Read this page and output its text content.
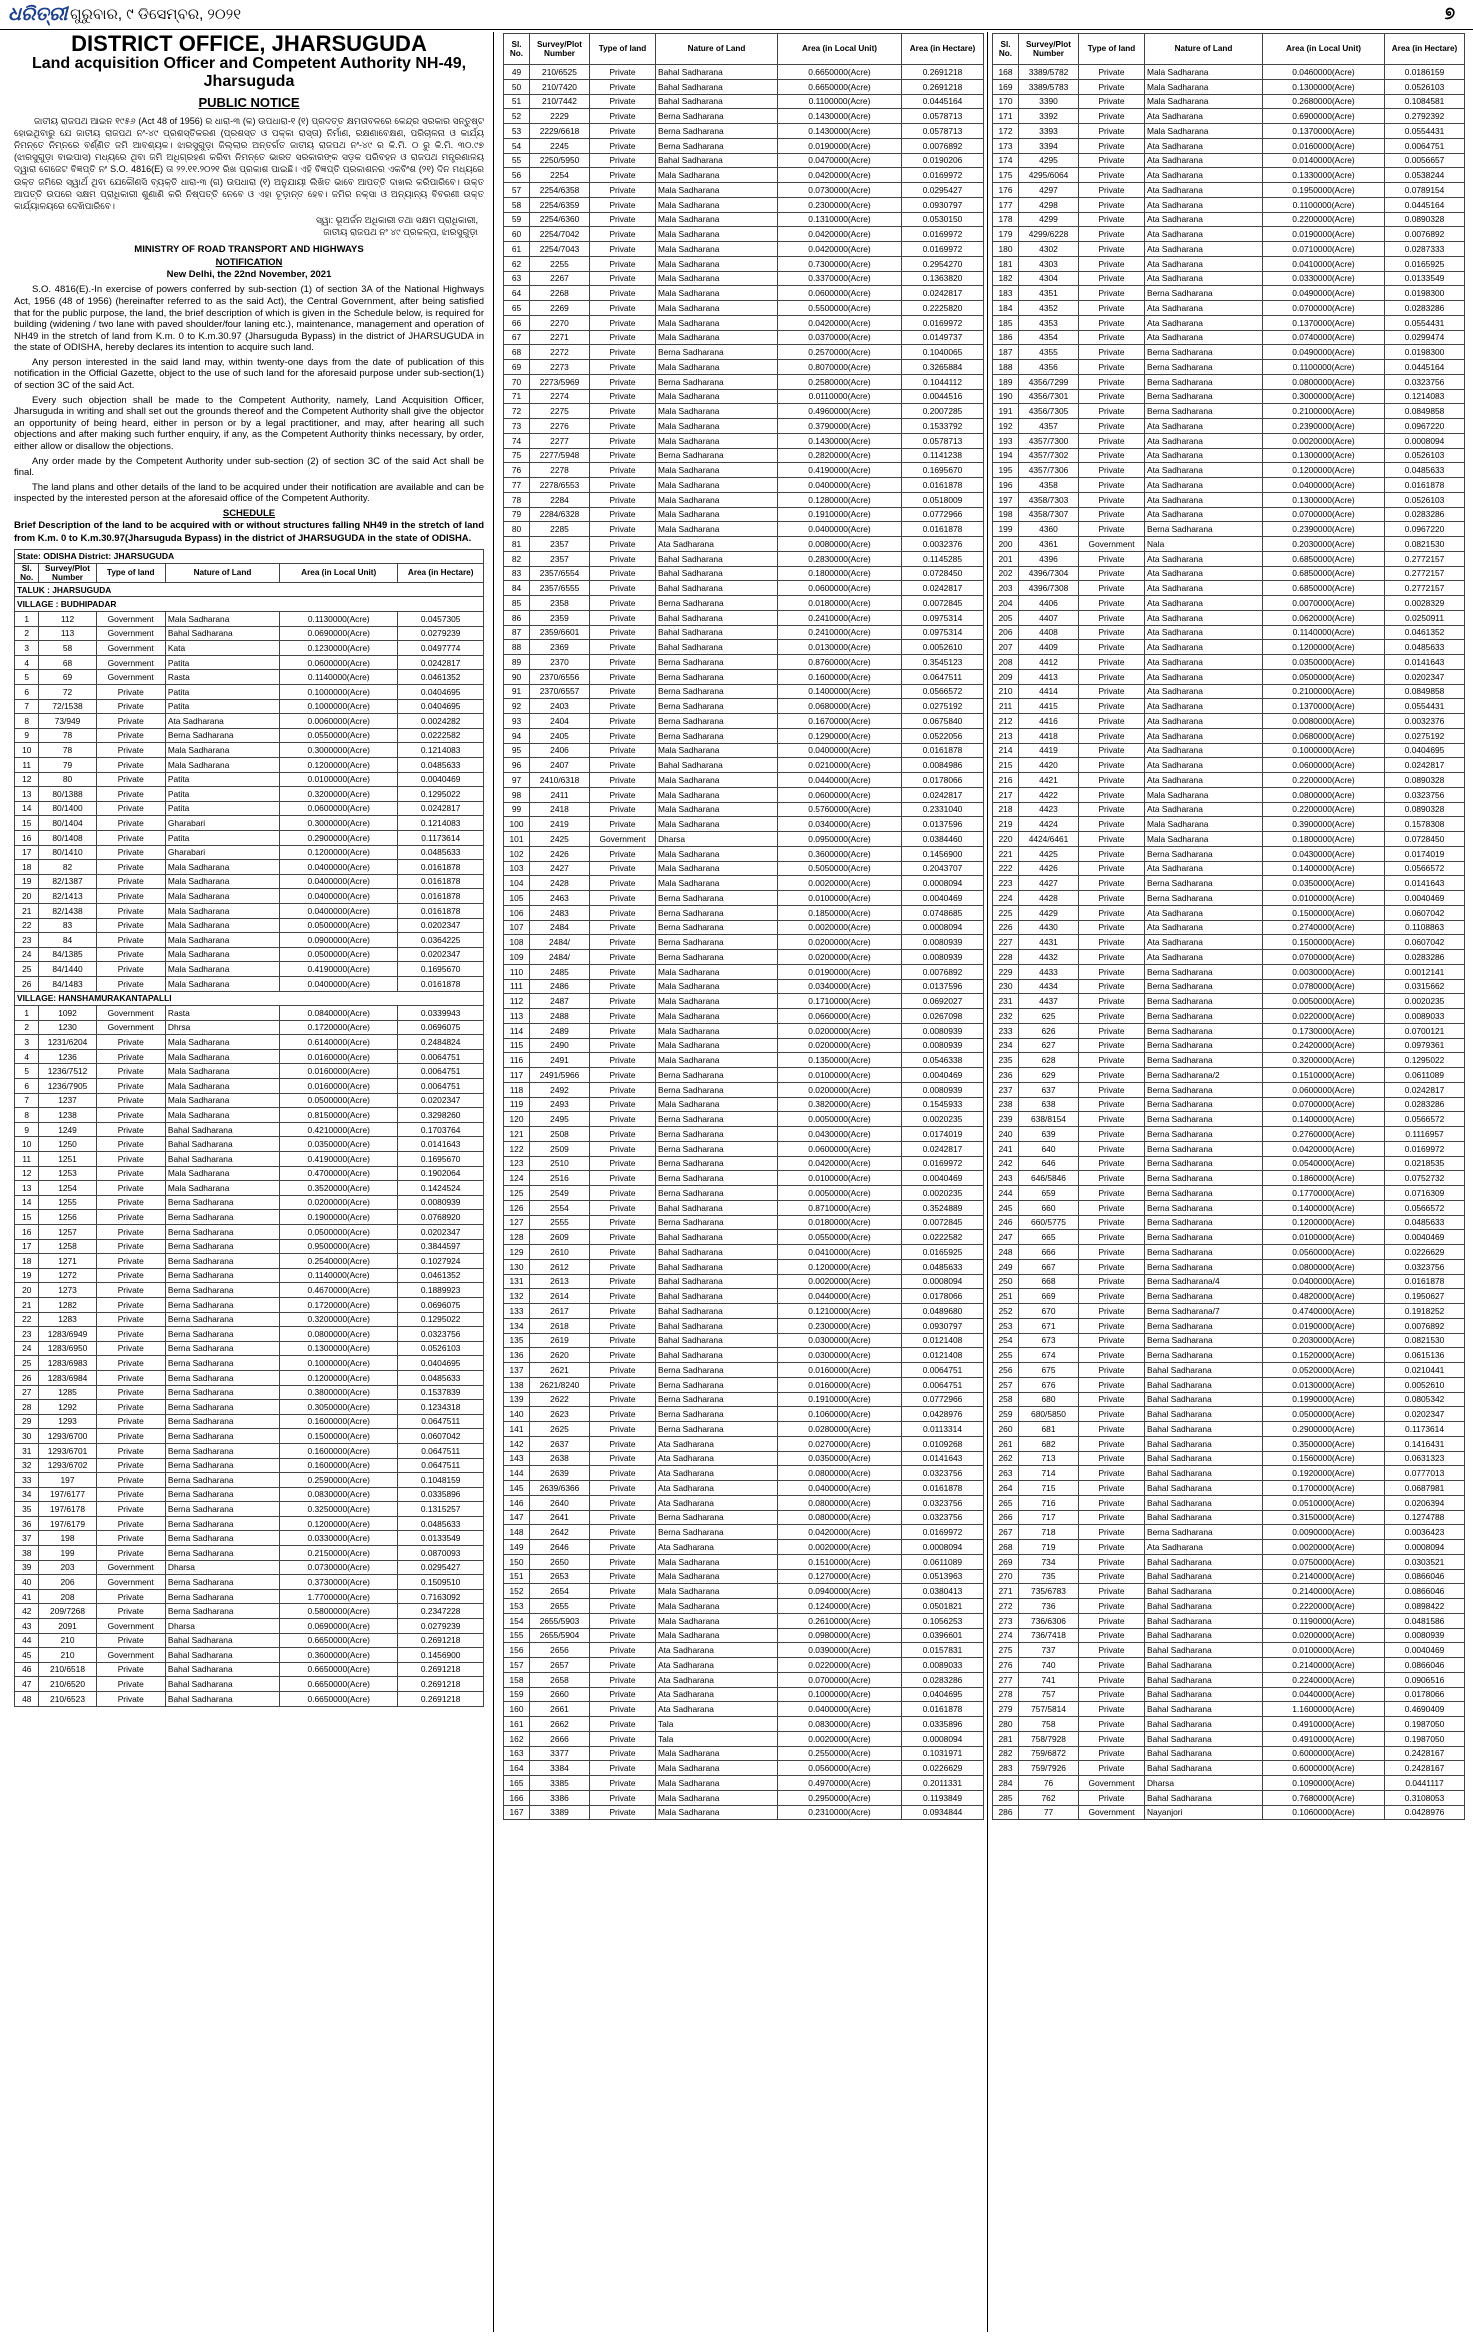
ଧରିତ୍ରୀ ଗୁରୁବାର, ୯ ଡିସେମ୍ବର, ୨୦୨୧	୭
DISTRICT OFFICE, JHARSUGUDA
Land acquisition Officer and Competent Authority NH-49, Jharsuguda
PUBLIC NOTICE
ଜାତୀୟ ରାଜପଥ ଆଇନ ୧୯୫୬ (Act 48 of 1956) ର ଧାରା-୩ (କ) ଉପଧାରା-୧ (୧) ପ୍ରଦତ୍ତ କ୍ଷମତାବଳରେ କେନ୍ଦ୍ର ସରକାର ସନ୍ତୁଷ୍ଟ ହୋଇଥିବାରୁ ଯେ ଜାତୀୟ ରାଜପଥ ନଂ-୪୯ ପ୍ରଶସ୍ତିକରଣ (ପ୍ରଶସ୍ତ ଓ ପକ୍କା ରାସ୍ତା) ନିର୍ମାଣ, ରକ୍ଷଣାବେକ୍ଷଣ, ପରିଚାଳନା ଓ କାର୍ଯ୍ୟ ନିମନ୍ତେ ନିମ୍ନରେ ବର୍ଣ୍ଣିତ ଜମି ଆବଶ୍ୟକ। ଝାରସୁଗୁଡ଼ା ଜିଲ୍ଲାର ଅନ୍ତର୍ଗତ ଜାତୀୟ ରାଜପଥ ନଂ-୪୯ ର କି.ମି. ୦ ରୁ କି.ମି. ୩୦.୯୭ (ଝାରସୁଗୁଡ଼ା ବାଇପାସ) ମଧ୍ୟରେ ଥିବା ଜମି ଅଧିଗ୍ରହଣ କରିବା ନିମନ୍ତେ ଭାରତ ସରକାରଙ୍କ ସଡ଼କ ପରିବହନ ଓ ରାଜପଥ ମନ୍ତ୍ରଣାଳୟ ଦ୍ୱାରା ଗେଜେଟ ବିଜ୍ଞପ୍ତି ନଂ S.O. 4816(E) ତା ୨୨.୧୧.୨୦୨୧ ରିଖ ପ୍ରକାଶ ପାଇଛି। ଏହି ବିଜ୍ଞପ୍ତି ପ୍ରକାଶନର ଏକବିଂଶ (୨୧) ଦିନ ମଧ୍ୟରେ ଉକ୍ତ ଜମିରେ ସ୍ୱାର୍ଥ ଥିବା ଯେକୌଣସି ବ୍ୟକ୍ତି ଧାରା-୩ (ଗ) ଉପଧାରା (୧) ଅନୁଯାୟୀ ଲିଖିତ ଭାବେ ଆପତ୍ତି ଦାଖଲ କରିପାରିବେ। ଉକ୍ତ ଆପତ୍ତି ଉପରେ ସକ୍ଷମ ପ୍ରାଧିକାରୀ ଶୁଣାଣି କରି ନିଷ୍ପତ୍ତି ନେବେ ଓ ଏହା ଚୂଡ଼ାନ୍ତ ହେବ। ଜମିର ନକ୍ସା ଓ ଅନ୍ୟାନ୍ୟ ବିବରଣୀ ଉକ୍ତ କାର୍ଯ୍ୟାଳୟରେ ଦେଖିପାରିବେ।
ସ୍ୱା: ଭୂଅର୍ଜନ ଅଧିକାରୀ ତଥା ସକ୍ଷମ ପ୍ରାଧିକାରୀ,
ଜାତୀୟ ରାଜପଥ ନଂ ୪୯ ପ୍ରକଳ୍ପ, ଝାରସୁଗୁଡ଼ା
MINISTRY OF ROAD TRANSPORT AND HIGHWAYS
NOTIFICATION
New Delhi, the 22nd November, 2021

S.O. 4816(E).-In exercise of powers conferred by sub-section (1) of section 3A of the National Highways Act, 1956 (48 of 1956) (hereinafter referred to as the said Act), the Central Government, after being satisfied that for the public purpose, the land, the brief description of which is given in the Schedule below, is required for building (widening / two lane with paved shoulder/four laning etc.), maintenance, management and operation of NH49 in the stretch of land from K.m. 0 to K.m.30.97 (Jharsuguda Bypass) in the district of JHARSUGUDA in the state of ODISHA, hereby declares its intention to acquire such land.

Any person interested in the said land may, within twenty-one days from the date of publication of this notification in the Official Gazette, object to the use of such land for the aforesaid purpose under sub-section(1) of section 3C of the said Act.

Every such objection shall be made to the Competent Authority, namely, Land Acquisition Officer, Jharsuguda in writing and shall set out the grounds thereof and the Competent Authority shall give the objector an opportunity of being heard, either in person or by a legal practitioner, and may, after hearing all such objections and after making such further enquiry, if any, as the Competent Authority thinks necessary, by order, either allow or disallow the objections.

Any order made by the Competent Authority under sub-section (2) of section 3C of the said Act shall be final.

The land plans and other details of the land to be acquired under their notification are available and can be inspected by the interested person at the aforesaid office of the Competent Authority.

SCHEDULE
Brief Description of the land to be acquired with or without structures falling NH49 in the stretch of land from K.m. 0 to K.m.30.97(Jharsuguda Bypass) in the district of JHARSUGUDA in the state of ODISHA.
State: ODISHA District: JHARSUGUDA
Sl. No.	Survey/Plot Number	Type of land	Nature of Land	Area (in Local Unit)	Area (in Hectare)
TALUK : JHARSUGUDA					
VILLAGE : BUDHIPADAR					
1	112	Government	Mala Sadharana	0.1130000(Acre)	0.0457305
2	113	Government	Bahal Sadharana	0.0690000(Acre)	0.0279239
3	58	Government	Kata	0.1230000(Acre)	0.0497774
4	68	Government	Patita	0.0600000(Acre)	0.0242817
5	69	Government	Rasta	0.1140000(Acre)	0.0461352
6	72	Private	Patita	0.1000000(Acre)	0.0404695
7	72/1538	Private	Patita	0.1000000(Acre)	0.0404695
8	73/949	Private	Ata Sadharana	0.0060000(Acre)	0.0024282
9	78	Private	Berna Sadharana	0.0550000(Acre)	0.0222582
10	78	Private	Mala Sadharana	0.3000000(Acre)	0.1214083
11	79	Private	Mala Sadharana	0.1200000(Acre)	0.0485633
12	80	Private	Patita	0.0100000(Acre)	0.0040469
13	80/1388	Private	Patita	0.3200000(Acre)	0.1295022
14	80/1400	Private	Patita	0.0600000(Acre)	0.0242817
15	80/1404	Private	Gharabari	0.3000000(Acre)	0.1214083
16	80/1408	Private	Patita	0.2900000(Acre)	0.1173614
17	80/1410	Private	Gharabari	0.1200000(Acre)	0.0485633
18	82	Private	Mala Sadharana	0.0400000(Acre)	0.0161878
19	82/1387	Private	Mala Sadharana	0.0400000(Acre)	0.0161878
20	82/1413	Private	Mala Sadharana	0.0400000(Acre)	0.0161878
21	82/1438	Private	Mala Sadharana	0.0400000(Acre)	0.0161878
22	83	Private	Mala Sadharana	0.0500000(Acre)	0.0202347
23	84	Private	Mala Sadharana	0.0900000(Acre)	0.0364225
24	84/1385	Private	Mala Sadharana	0.0500000(Acre)	0.0202347
25	84/1440	Private	Mala Sadharana	0.4190000(Acre)	0.1695670
26	84/1483	Private	Mala Sadharana	0.0400000(Acre)	0.0161878
VILLAGE: HANSHAMURAKANTAPALLI					
1	1092	Government	Rasta	0.0840000(Acre)	0.0339943
2	1230	Government	Dhrsa	0.1720000(Acre)	0.0696075
3	1231/6204	Private	Mala Sadharana	0.6140000(Acre)	0.2484824
4	1236	Private	Mala Sadharana	0.0160000(Acre)	0.0064751
5	1236/7512	Private	Mala Sadharana	0.0160000(Acre)	0.0064751
6	1236/7905	Private	Mala Sadharana	0.0160000(Acre)	0.0064751
7	1237	Private	Mala Sadharana	0.0500000(Acre)	0.0202347
8	1238	Private	Mala Sadharana	0.8150000(Acre)	0.3298260
9	1249	Private	Bahal Sadharana	0.4210000(Acre)	0.1703764
10	1250	Private	Bahal Sadharana	0.0350000(Acre)	0.0141643
11	1251	Private	Bahal Sadharana	0.4190000(Acre)	0.1695670
12	1253	Private	Mala Sadharana	0.4700000(Acre)	0.1902064
13	1254	Private	Mala Sadharana	0.3520000(Acre)	0.1424524
14	1255	Private	Berna Sadharana	0.0200000(Acre)	0.0080939
15	1256	Private	Berna Sadharana	0.1900000(Acre)	0.0768920
16	1257	Private	Berna Sadharana	0.0500000(Acre)	0.0202347
17	1258	Private	Berna Sadharana	0.9500000(Acre)	0.3844597
18	1271	Private	Berna Sadharana	0.2540000(Acre)	0.1027924
19	1272	Private	Berna Sadharana	0.1140000(Acre)	0.0461352
20	1273	Private	Berna Sadharana	0.4670000(Acre)	0.1889923
21	1282	Private	Berna Sadharana	0.1720000(Acre)	0.0696075
22	1283	Private	Berna Sadharana	0.3200000(Acre)	0.1295022
23	1283/6949	Private	Berna Sadharana	0.0800000(Acre)	0.0323756
24	1283/6950	Private	Berna Sadharana	0.1300000(Acre)	0.0526103
25	1283/6983	Private	Berna Sadharana	0.1000000(Acre)	0.0404695
26	1283/6984	Private	Berna Sadharana	0.1200000(Acre)	0.0485633
27	1285	Private	Berna Sadharana	0.3800000(Acre)	0.1537839
28	1292	Private	Berna Sadharana	0.3050000(Acre)	0.1234318
29	1293	Private	Berna Sadharana	0.1600000(Acre)	0.0647511
30	1293/6700	Private	Berna Sadharana	0.1500000(Acre)	0.0607042
31	1293/6701	Private	Berna Sadharana	0.1600000(Acre)	0.0647511
32	1293/6702	Private	Berna Sadharana	0.1600000(Acre)	0.0647511
33	197	Private	Berna Sadharana	0.2590000(Acre)	0.1048159
34	197/6177	Private	Berna Sadharana	0.0830000(Acre)	0.0335896
35	197/6178	Private	Berna Sadharana	0.3250000(Acre)	0.1315257
36	197/6179	Private	Berna Sadharana	0.1200000(Acre)	0.0485633
37	198	Private	Berna Sadharana	0.0330000(Acre)	0.0133549
38	199	Private	Berna Sadharana	0.2150000(Acre)	0.0870093
39	203	Government	Dharsa	0.0730000(Acre)	0.0295427
40	206	Government	Berna Sadharana	0.3730000(Acre)	0.1509510
41	208	Private	Berna Sadharana	1.7700000(Acre)	0.7163092
42	209/7268	Private	Berna Sadharana	0.5800000(Acre)	0.2347228
43	2091	Government	Dharsa	0.0690000(Acre)	0.0279239
44	210	Private	Bahal Sadharana	0.6650000(Acre)	0.2691218
45	210	Government	Bahal Sadharana	0.3600000(Acre)	0.1456900
46	210/6518	Private	Bahal Sadharana	0.6650000(Acre)	0.2691218
47	210/6520	Private	Bahal Sadharana	0.6650000(Acre)	0.2691218
48	210/6523	Private	Bahal Sadharana	0.6650000(Acre)	0.2691218
Sl. No.	Survey/Plot Number	Type of land	Nature of Land	Area (in Local Unit)	Area (in Hectare)
49	210/6525	Private	Bahal Sadharana	0.6650000(Acre)	0.2691218
50	210/7420	Private	Bahal Sadharana	0.6650000(Acre)	0.2691218
51	210/7442	Private	Bahal Sadharana	0.1100000(Acre)	0.0445164
52	2229	Private	Berna Sadharana	0.1430000(Acre)	0.0578713
53	2229/6618	Private	Berna Sadharana	0.1430000(Acre)	0.0578713
54	2245	Private	Berna Sadharana	0.0190000(Acre)	0.0076892
55	2250/5950	Private	Bahal Sadharana	0.0470000(Acre)	0.0190206
56	2254	Private	Mala Sadharana	0.0420000(Acre)	0.0169972
57	2254/6358	Private	Mala Sadharana	0.0730000(Acre)	0.0295427
58	2254/6359	Private	Mala Sadharana	0.2300000(Acre)	0.0930797
59	2254/6360	Private	Mala Sadharana	0.1310000(Acre)	0.0530150
60	2254/7042	Private	Mala Sadharana	0.0420000(Acre)	0.0169972
61	2254/7043	Private	Mala Sadharana	0.0420000(Acre)	0.0169972
62	2255	Private	Mala Sadharana	0.7300000(Acre)	0.2954270
63	2267	Private	Mala Sadharana	0.3370000(Acre)	0.1363820
64	2268	Private	Mala Sadharana	0.0600000(Acre)	0.0242817
65	2269	Private	Mala Sadharana	0.5500000(Acre)	0.2225820
66	2270	Private	Mala Sadharana	0.0420000(Acre)	0.0169972
67	2271	Private	Mala Sadharana	0.0370000(Acre)	0.0149737
68	2272	Private	Berna Sadharana	0.2570000(Acre)	0.1040065
69	2273	Private	Mala Sadharana	0.8070000(Acre)	0.3265884
70	2273/5969	Private	Berna Sadharana	0.2580000(Acre)	0.1044112
71	2274	Private	Mala Sadharana	0.0110000(Acre)	0.0044516
72	2275	Private	Mala Sadharana	0.4960000(Acre)	0.2007285
73	2276	Private	Mala Sadharana	0.3790000(Acre)	0.1533792
74	2277	Private	Mala Sadharana	0.1430000(Acre)	0.0578713
75	2277/5948	Private	Berna Sadharana	0.2820000(Acre)	0.1141238
76	2278	Private	Mala Sadharana	0.4190000(Acre)	0.1695670
77	2278/6553	Private	Mala Sadharana	0.0400000(Acre)	0.0161878
78	2284	Private	Mala Sadharana	0.1280000(Acre)	0.0518009
79	2284/6328	Private	Mala Sadharana	0.1910000(Acre)	0.0772966
80	2285	Private	Mala Sadharana	0.0400000(Acre)	0.0161878
81	2357	Private	Ata Sadharana	0.0080000(Acre)	0.0032376
82	2357	Private	Bahal Sadharana	0.2830000(Acre)	0.1145285
83	2357/6554	Private	Bahal Sadharana	0.1800000(Acre)	0.0728450
84	2357/6555	Private	Bahal Sadharana	0.0600000(Acre)	0.0242817
85	2358	Private	Berna Sadharana	0.0180000(Acre)	0.0072845
86	2359	Private	Bahal Sadharana	0.2410000(Acre)	0.0975314
87	2359/6601	Private	Bahal Sadharana	0.2410000(Acre)	0.0975314
88	2369	Private	Bahal Sadharana	0.0130000(Acre)	0.0052610
89	2370	Private	Berna Sadharana	0.8760000(Acre)	0.3545123
90	2370/6556	Private	Berna Sadharana	0.1600000(Acre)	0.0647511
91	2370/6557	Private	Berna Sadharana	0.1400000(Acre)	0.0566572
92	2403	Private	Berna Sadharana	0.0680000(Acre)	0.0275192
93	2404	Private	Berna Sadharana	0.1670000(Acre)	0.0675840
94	2405	Private	Berna Sadharana	0.1290000(Acre)	0.0522056
95	2406	Private	Mala Sadharana	0.0400000(Acre)	0.0161878
96	2407	Private	Bahal Sadharana	0.0210000(Acre)	0.0084986
97	2410/6318	Private	Mala Sadharana	0.0440000(Acre)	0.0178066
98	2411	Private	Mala Sadharana	0.0600000(Acre)	0.0242817
99	2418	Private	Mala Sadharana	0.5760000(Acre)	0.2331040
100	2419	Private	Mala Sadharana	0.0340000(Acre)	0.0137596
101	2425	Government	Dharsa	0.0950000(Acre)	0.0384460
102	2426	Private	Mala Sadharana	0.3600000(Acre)	0.1456900
103	2427	Private	Mala Sadharana	0.5050000(Acre)	0.2043707
104	2428	Private	Mala Sadharana	0.0020000(Acre)	0.0008094
105	2463	Private	Berna Sadharana	0.0100000(Acre)	0.0040469
106	2483	Private	Berna Sadharana	0.1850000(Acre)	0.0748685
107	2484	Private	Berna Sadharana	0.0020000(Acre)	0.0008094
108	2484/	Private	Berna Sadharana	0.0200000(Acre)	0.0080939
109	2484/	Private	Berna Sadharana	0.0200000(Acre)	0.0080939
110	2485	Private	Mala Sadharana	0.0190000(Acre)	0.0076892
111	2486	Private	Mala Sadharana	0.0340000(Acre)	0.0137596
112	2487	Private	Mala Sadharana	0.1710000(Acre)	0.0692027
113	2488	Private	Mala Sadharana	0.0660000(Acre)	0.0267098
114	2489	Private	Mala Sadharana	0.0200000(Acre)	0.0080939
115	2490	Private	Mala Sadharana	0.0200000(Acre)	0.0080939
116	2491	Private	Mala Sadharana	0.1350000(Acre)	0.0546338
117	2491/5966	Private	Berna Sadharana	0.0100000(Acre)	0.0040469
118	2492	Private	Berna Sadharana	0.0200000(Acre)	0.0080939
119	2493	Private	Mala Sadharana	0.3820000(Acre)	0.1545933
120	2495	Private	Berna Sadharana	0.0050000(Acre)	0.0020235
121	2508	Private	Berna Sadharana	0.0430000(Acre)	0.0174019
122	2509	Private	Berna Sadharana	0.0600000(Acre)	0.0242817
123	2510	Private	Berna Sadharana	0.0420000(Acre)	0.0169972
124	2516	Private	Berna Sadharana	0.0100000(Acre)	0.0040469
125	2549	Private	Berna Sadharana	0.0050000(Acre)	0.0020235
126	2554	Private	Bahal Sadharana	0.8710000(Acre)	0.3524889
127	2555	Private	Berna Sadharana	0.0180000(Acre)	0.0072845
128	2609	Private	Bahal Sadharana	0.0550000(Acre)	0.0222582
129	2610	Private	Bahal Sadharana	0.0410000(Acre)	0.0165925
130	2612	Private	Bahal Sadharana	0.1200000(Acre)	0.0485633
131	2613	Private	Bahal Sadharana	0.0020000(Acre)	0.0008094
132	2614	Private	Bahal Sadharana	0.0440000(Acre)	0.0178066
133	2617	Private	Bahal Sadharana	0.1210000(Acre)	0.0489680
134	2618	Private	Bahal Sadharana	0.2300000(Acre)	0.0930797
135	2619	Private	Bahal Sadharana	0.0300000(Acre)	0.0121408
136	2620	Private	Bahal Sadharana	0.0300000(Acre)	0.0121408
137	2621	Private	Berna Sadharana	0.0160000(Acre)	0.0064751
138	2621/8240	Private	Berna Sadharana	0.0160000(Acre)	0.0064751
139	2622	Private	Berna Sadharana	0.1910000(Acre)	0.0772966
140	2623	Private	Berna Sadharana	0.1060000(Acre)	0.0428976
141	2625	Private	Berna Sadharana	0.0280000(Acre)	0.0113314
142	2637	Private	Ata Sadharana	0.0270000(Acre)	0.0109268
143	2638	Private	Ata Sadharana	0.0350000(Acre)	0.0141643
144	2639	Private	Ata Sadharana	0.0800000(Acre)	0.0323756
145	2639/6366	Private	Ata Sadharana	0.0400000(Acre)	0.0161878
146	2640	Private	Ata Sadharana	0.0800000(Acre)	0.0323756
147	2641	Private	Berna Sadharana	0.0800000(Acre)	0.0323756
148	2642	Private	Berna Sadharana	0.0420000(Acre)	0.0169972
149	2646	Private	Ata Sadharana	0.0020000(Acre)	0.0008094
150	2650	Private	Mala Sadharana	0.1510000(Acre)	0.0611089
151	2653	Private	Mala Sadharana	0.1270000(Acre)	0.0513963
152	2654	Private	Mala Sadharana	0.0940000(Acre)	0.0380413
153	2655	Private	Mala Sadharana	0.1240000(Acre)	0.0501821
154	2655/5903	Private	Mala Sadharana	0.2610000(Acre)	0.1056253
155	2655/5904	Private	Mala Sadharana	0.0980000(Acre)	0.0396601
156	2656	Private	Ata Sadharana	0.0390000(Acre)	0.0157831
157	2657	Private	Ata Sadharana	0.0220000(Acre)	0.0089033
158	2658	Private	Ata Sadharana	0.0700000(Acre)	0.0283286
159	2660	Private	Ata Sadharana	0.1000000(Acre)	0.0404695
160	2661	Private	Ata Sadharana	0.0400000(Acre)	0.0161878
161	2662	Private	Tala	0.0830000(Acre)	0.0335896
162	2666	Private	Tala	0.0020000(Acre)	0.0008094
163	3377	Private	Mala Sadharana	0.2550000(Acre)	0.1031971
164	3384	Private	Mala Sadharana	0.0560000(Acre)	0.0226629
165	3385	Private	Mala Sadharana	0.4970000(Acre)	0.2011331
166	3386	Private	Mala Sadharana	0.2950000(Acre)	0.1193849
167	3389	Private	Mala Sadharana	0.2310000(Acre)	0.0934844
Sl. No.	Survey/Plot Number	Type of land	Nature of Land	Area (in Local Unit)	Area (in Hectare)
168	3389/5782	Private	Mala Sadharana	0.0460000(Acre)	0.0186159
169	3389/5783	Private	Mala Sadharana	0.1300000(Acre)	0.0526103
170	3390	Private	Mala Sadharana	0.2680000(Acre)	0.1084581
171	3392	Private	Ata Sadharana	0.6900000(Acre)	0.2792392
172	3393	Private	Mala Sadharana	0.1370000(Acre)	0.0554431
173	3394	Private	Ata Sadharana	0.0160000(Acre)	0.0064751
174	4295	Private	Ata Sadharana	0.0140000(Acre)	0.0056657
175	4295/6064	Private	Ata Sadharana	0.1330000(Acre)	0.0538244
176	4297	Private	Ata Sadharana	0.1950000(Acre)	0.0789154
177	4298	Private	Ata Sadharana	0.1100000(Acre)	0.0445164
178	4299	Private	Ata Sadharana	0.2200000(Acre)	0.0890328
179	4299/6228	Private	Ata Sadharana	0.0190000(Acre)	0.0076892
180	4302	Private	Ata Sadharana	0.0710000(Acre)	0.0287333
181	4303	Private	Ata Sadharana	0.0410000(Acre)	0.0165925
182	4304	Private	Ata Sadharana	0.0330000(Acre)	0.0133549
183	4351	Private	Berna Sadharana	0.0490000(Acre)	0.0198300
184	4352	Private	Ata Sadharana	0.0700000(Acre)	0.0283286
185	4353	Private	Ata Sadharana	0.1370000(Acre)	0.0554431
186	4354	Private	Ata Sadharana	0.0740000(Acre)	0.0299474
187	4355	Private	Berna Sadharana	0.0490000(Acre)	0.0198300
188	4356	Private	Berna Sadharana	0.1100000(Acre)	0.0445164
189	4356/7299	Private	Berna Sadharana	0.0800000(Acre)	0.0323756
190	4356/7301	Private	Berna Sadharana	0.3000000(Acre)	0.1214083
191	4356/7305	Private	Berna Sadharana	0.2100000(Acre)	0.0849858
192	4357	Private	Ata Sadharana	0.2390000(Acre)	0.0967220
193	4357/7300	Private	Ata Sadharana	0.0020000(Acre)	0.0008094
194	4357/7302	Private	Ata Sadharana	0.1300000(Acre)	0.0526103
195	4357/7306	Private	Ata Sadharana	0.1200000(Acre)	0.0485633
196	4358	Private	Ata Sadharana	0.0400000(Acre)	0.0161878
197	4358/7303	Private	Ata Sadharana	0.1300000(Acre)	0.0526103
198	4358/7307	Private	Ata Sadharana	0.0700000(Acre)	0.0283286
199	4360	Private	Berna Sadharana	0.2390000(Acre)	0.0967220
200	4361	Government	Nala	0.2030000(Acre)	0.0821530
201	4396	Private	Ata Sadharana	0.6850000(Acre)	0.2772157
202	4396/7304	Private	Ata Sadharana	0.6850000(Acre)	0.2772157
203	4396/7308	Private	Ata Sadharana	0.6850000(Acre)	0.2772157
204	4406	Private	Ata Sadharana	0.0070000(Acre)	0.0028329
205	4407	Private	Ata Sadharana	0.0620000(Acre)	0.0250911
206	4408	Private	Ata Sadharana	0.1140000(Acre)	0.0461352
207	4409	Private	Ata Sadharana	0.1200000(Acre)	0.0485633
208	4412	Private	Ata Sadharana	0.0350000(Acre)	0.0141643
209	4413	Private	Ata Sadharana	0.0500000(Acre)	0.0202347
210	4414	Private	Ata Sadharana	0.2100000(Acre)	0.0849858
211	4415	Private	Ata Sadharana	0.1370000(Acre)	0.0554431
212	4416	Private	Ata Sadharana	0.0080000(Acre)	0.0032376
213	4418	Private	Ata Sadharana	0.0680000(Acre)	0.0275192
214	4419	Private	Ata Sadharana	0.1000000(Acre)	0.0404695
215	4420	Private	Ata Sadharana	0.0600000(Acre)	0.0242817
216	4421	Private	Ata Sadharana	0.2200000(Acre)	0.0890328
217	4422	Private	Mala Sadharana	0.0800000(Acre)	0.0323756
218	4423	Private	Ata Sadharana	0.2200000(Acre)	0.0890328
219	4424	Private	Mala Sadharana	0.3900000(Acre)	0.1578308
220	4424/6461	Private	Mala Sadharana	0.1800000(Acre)	0.0728450
221	4425	Private	Berna Sadharana	0.0430000(Acre)	0.0174019
222	4426	Private	Ata Sadharana	0.1400000(Acre)	0.0566572
223	4427	Private	Berna Sadharana	0.0350000(Acre)	0.0141643
224	4428	Private	Berna Sadharana	0.0100000(Acre)	0.0040469
225	4429	Private	Ata Sadharana	0.1500000(Acre)	0.0607042
226	4430	Private	Ata Sadharana	0.2740000(Acre)	0.1108863
227	4431	Private	Ata Sadharana	0.1500000(Acre)	0.0607042
228	4432	Private	Ata Sadharana	0.0700000(Acre)	0.0283286
229	4433	Private	Berna Sadharana	0.0030000(Acre)	0.0012141
230	4434	Private	Berna Sadharana	0.0780000(Acre)	0.0315662
231	4437	Private	Berna Sadharana	0.0050000(Acre)	0.0020235
232	625	Private	Berna Sadharana	0.0220000(Acre)	0.0089033
233	626	Private	Berna Sadharana	0.1730000(Acre)	0.0700121
234	627	Private	Berna Sadharana	0.2420000(Acre)	0.0979361
235	628	Private	Berna Sadharana	0.3200000(Acre)	0.1295022
236	629	Private	Berna Sadharana/2	0.1510000(Acre)	0.0611089
237	637	Private	Berna Sadharana	0.0600000(Acre)	0.0242817
238	638	Private	Berna Sadharana	0.0700000(Acre)	0.0283286
239	638/8154	Private	Berna Sadharana	0.1400000(Acre)	0.0566572
240	639	Private	Berna Sadharana	0.2760000(Acre)	0.1116957
241	640	Private	Berna Sadharana	0.0420000(Acre)	0.0169972
242	646	Private	Berna Sadharana	0.0540000(Acre)	0.0218535
243	646/5846	Private	Berna Sadharana	0.1860000(Acre)	0.0752732
244	659	Private	Berna Sadharana	0.1770000(Acre)	0.0716309
245	660	Private	Berna Sadharana	0.1400000(Acre)	0.0566572
246	660/5775	Private	Berna Sadharana	0.1200000(Acre)	0.0485633
247	665	Private	Berna Sadharana	0.0100000(Acre)	0.0040469
248	666	Private	Berna Sadharana	0.0560000(Acre)	0.0226629
249	667	Private	Berna Sadharana	0.0800000(Acre)	0.0323756
250	668	Private	Berna Sadharana/4	0.0400000(Acre)	0.0161878
251	669	Private	Berna Sadharana	0.4820000(Acre)	0.1950627
252	670	Private	Berna Sadharana/7	0.4740000(Acre)	0.1918252
253	671	Private	Berna Sadharana	0.0190000(Acre)	0.0076892
254	673	Private	Berna Sadharana	0.2030000(Acre)	0.0821530
255	674	Private	Berna Sadharana	0.1520000(Acre)	0.0615136
256	675	Private	Bahal Sadharana	0.0520000(Acre)	0.0210441
257	676	Private	Bahal Sadharana	0.0130000(Acre)	0.0052610
258	680	Private	Bahal Sadharana	0.1990000(Acre)	0.0805342
259	680/5850	Private	Bahal Sadharana	0.0500000(Acre)	0.0202347
260	681	Private	Bahal Sadharana	0.2900000(Acre)	0.1173614
261	682	Private	Bahal Sadharana	0.3500000(Acre)	0.1416431
262	713	Private	Bahal Sadharana	0.1560000(Acre)	0.0631323
263	714	Private	Bahal Sadharana	0.1920000(Acre)	0.0777013
264	715	Private	Bahal Sadharana	0.1700000(Acre)	0.0687981
265	716	Private	Bahal Sadharana	0.0510000(Acre)	0.0206394
266	717	Private	Bahal Sadharana	0.3150000(Acre)	0.1274788
267	718	Private	Berna Sadharana	0.0090000(Acre)	0.0036423
268	719	Private	Ata Sadharana	0.0020000(Acre)	0.0008094
269	734	Private	Bahal Sadharana	0.0750000(Acre)	0.0303521
270	735	Private	Bahal Sadharana	0.2140000(Acre)	0.0866046
271	735/6783	Private	Bahal Sadharana	0.2140000(Acre)	0.0866046
272	736	Private	Bahal Sadharana	0.2220000(Acre)	0.0898422
273	736/6306	Private	Bahal Sadharana	0.1190000(Acre)	0.0481586
274	736/7418	Private	Bahal Sadharana	0.0200000(Acre)	0.0080939
275	737	Private	Bahal Sadharana	0.0100000(Acre)	0.0040469
276	740	Private	Bahal Sadharana	0.2140000(Acre)	0.0866046
277	741	Private	Bahal Sadharana	0.2240000(Acre)	0.0906516
278	757	Private	Bahal Sadharana	0.0440000(Acre)	0.0178066
279	757/5814	Private	Bahal Sadharana	1.1600000(Acre)	0.4690409
280	758	Private	Bahal Sadharana	0.4910000(Acre)	0.1987050
281	758/7928	Private	Bahal Sadharana	0.4910000(Acre)	0.1987050
282	759/6872	Private	Bahal Sadharana	0.6000000(Acre)	0.2428167
283	759/7926	Private	Bahal Sadharana	0.6000000(Acre)	0.2428167
284	76	Government	Dharsa	0.1090000(Acre)	0.0441117
285	762	Private	Bahal Sadharana	0.7680000(Acre)	0.3108053
286	77	Government	Nayanjori	0.1060000(Acre)	0.0428976
